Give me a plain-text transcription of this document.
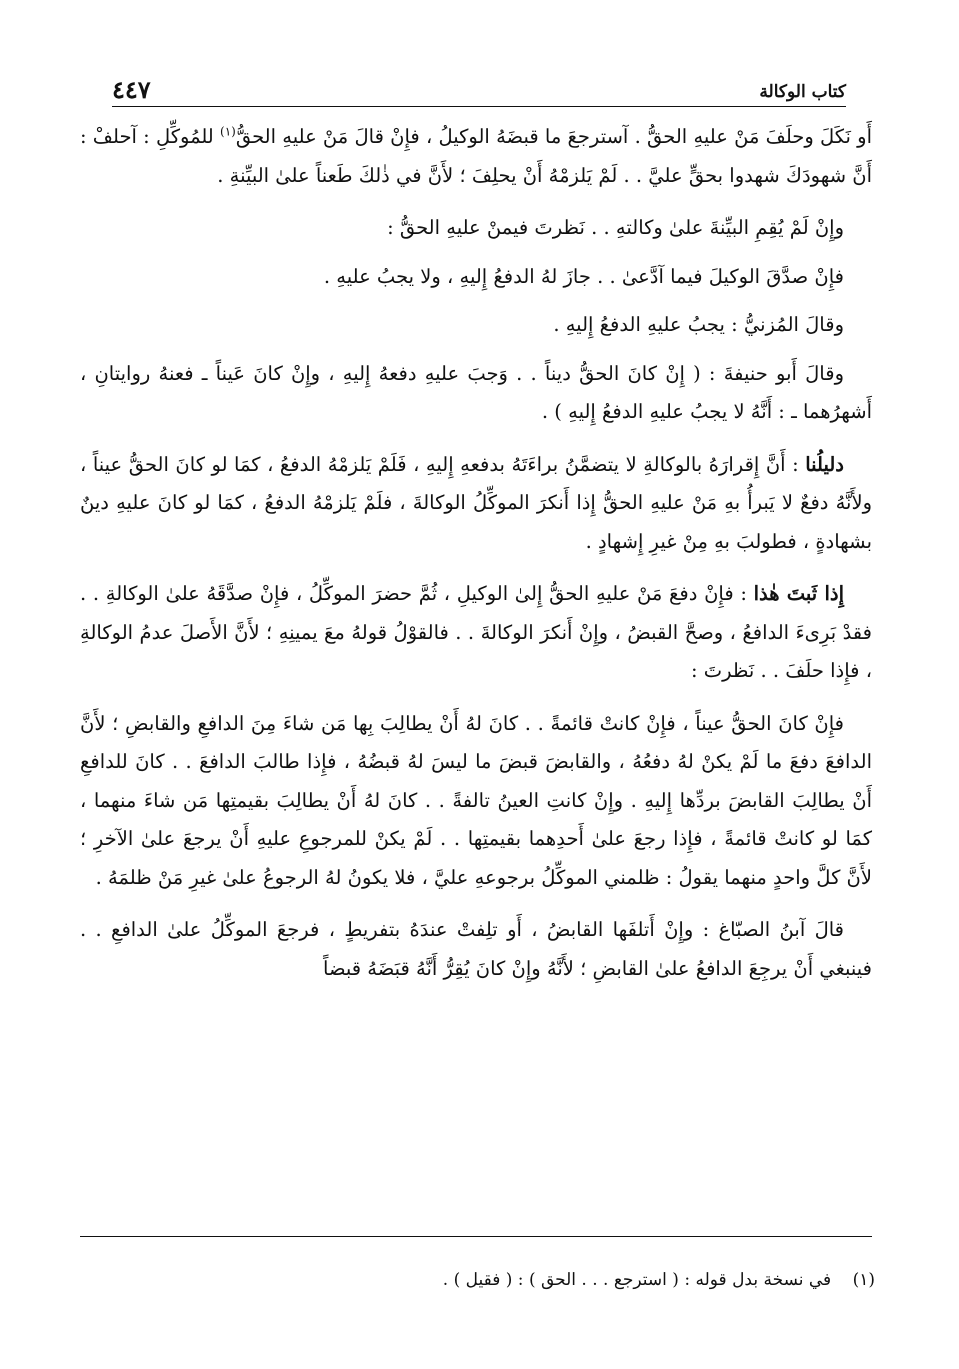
كتاب الوكالة
٤٤٧

أَو نَكَلَ وحلَفَ مَنْ عليهِ الحقُّ . آسترجعَ ما قبضَهُ الوكيلُ ، فإِنْ قالَ مَنْ عليهِ الحقُّ$^{(١)}$ للمُوكِّلِ : آحلفْ : أَنَّ شهودَكَ شهدوا بحقٍّ عليَّ . . لَمْ يَلزمْهُ أَنْ يحلِفَ ؛ لأَنَّ في ذٰلكَ طَعناً علىٰ البيِّنةِ .

وإِنْ لَمْ يُقِمِ البيِّنةَ علىٰ وكالتهِ . . نَظرتَ فيمنْ عليهِ الحقُّ :

فإِنْ صدَّقَ الوكيلَ فيما آدَّعىٰ . . جازَ لهُ الدفعُ إِليهِ ، ولا يجبُ عليهِ .

وقالَ المُزنيُّ : يجبُ عليهِ الدفعُ إِليهِ .

وقالَ أَبو حنيفةَ : ( إِنْ كانَ الحقُّ ديناً . . وَجبَ عليهِ دفعهُ إِليهِ ، وإِنْ كانَ عَيناً ـ فعنهُ روايتانِ ، أَشهرُهما ـ : أَنَّهُ لا يجبُ عليهِ الدفعُ إِليهِ ) .

دليلُنا : أَنَّ إِقرارَهُ بالوكالةِ لا يتضمَّنُ براءَتَهُ بدفعهِ إِليهِ ، فَلَمْ يَلزمْهُ الدفعُ ، كمَا لو كانَ الحقُّ عيناً ، ولأَنَّهُ دفعٌ لا يَبرأُ بهِ مَنْ عليهِ الحقُّ إِذا أَنكرَ الموكِّلُ الوكالةَ ، فلَمْ يَلزمْهُ الدفعُ ، كمَا لو كانَ عليهِ دينٌ بشهادةٍ ، فطولبَ بهِ مِنْ غيرِ إِشهادٍ .

إِذا ثَبتَ هٰذا : فإِنْ دفعَ مَنْ عليهِ الحقُّ إِلىٰ الوكيلِ ، ثُمَّ حضرَ الموكِّلُ ، فإِنْ صدَّقَهُ علىٰ الوكالةِ . . فقدْ بَرِىءَ الدافعُ ، وصحَّ القبضُ ، وإِنْ أَنكرَ الوكالةَ . . فالقوْلُ قولهُ معَ يمينِهِ ؛ لأَنَّ الأَصلَ عدمُ الوكالةِ ، فإِذا حلَفَ . . نَظرتَ :

فإِنْ كانَ الحقُّ عيناً ، فإِنْ كانتْ قائمةً . . كانَ لهُ أَنْ يطالِبَ بِها مَن شاءَ مِنَ الدافعِ والقابضِ ؛ لأَنَّ الدافعَ دفعَ ما لَمْ يكنْ لهُ دفعُهُ ، والقابضَ قبضَ ما ليسَ لهُ قبضُهُ ، فإِذا طالبَ الدافعَ . . كانَ للدافعِ أَنْ يطالِبَ القابضَ بردِّها إِليهِ . وإِنْ كانتِ العينُ تالفةً . . كانَ لهُ أَنْ يطالِبَ بقيمتِها مَن شاءَ منهما ، كمَا لو كانتْ قائمةً ، فإِذا رجعَ علىٰ أَحدِهما بقيمتِها . . لَمْ يكنْ للمرجوعِ عليهِ أَنْ يرجعَ علىٰ الآخرِ ؛ لأَنَّ كلَّ واحدٍ منهما يقولُ : ظلمني الموكِّلُ برجوعهِ عليَّ ، فلا يكونُ لهُ الرجوعُ علىٰ غيرِ مَنْ ظلمَهُ .

قالَ آبنُ الصبّاغ : وإِنْ أَتلفَها القابضُ ، أَو تلِفتْ عندَهُ بتفريطٍ ، فرجعَ الموكِّلُ علىٰ الدافعِ . . فينبغي أَنْ يرجِعَ الدافعُ علىٰ القابضِ ؛ لأَنَّهُ وإِنْ كانَ يُقِرُّ أَنَّهُ قبَضَهُ قبضاً

(١) في نسخة بدل قوله : ( استرجع . . . الحق ) : ( فقيل ) .
